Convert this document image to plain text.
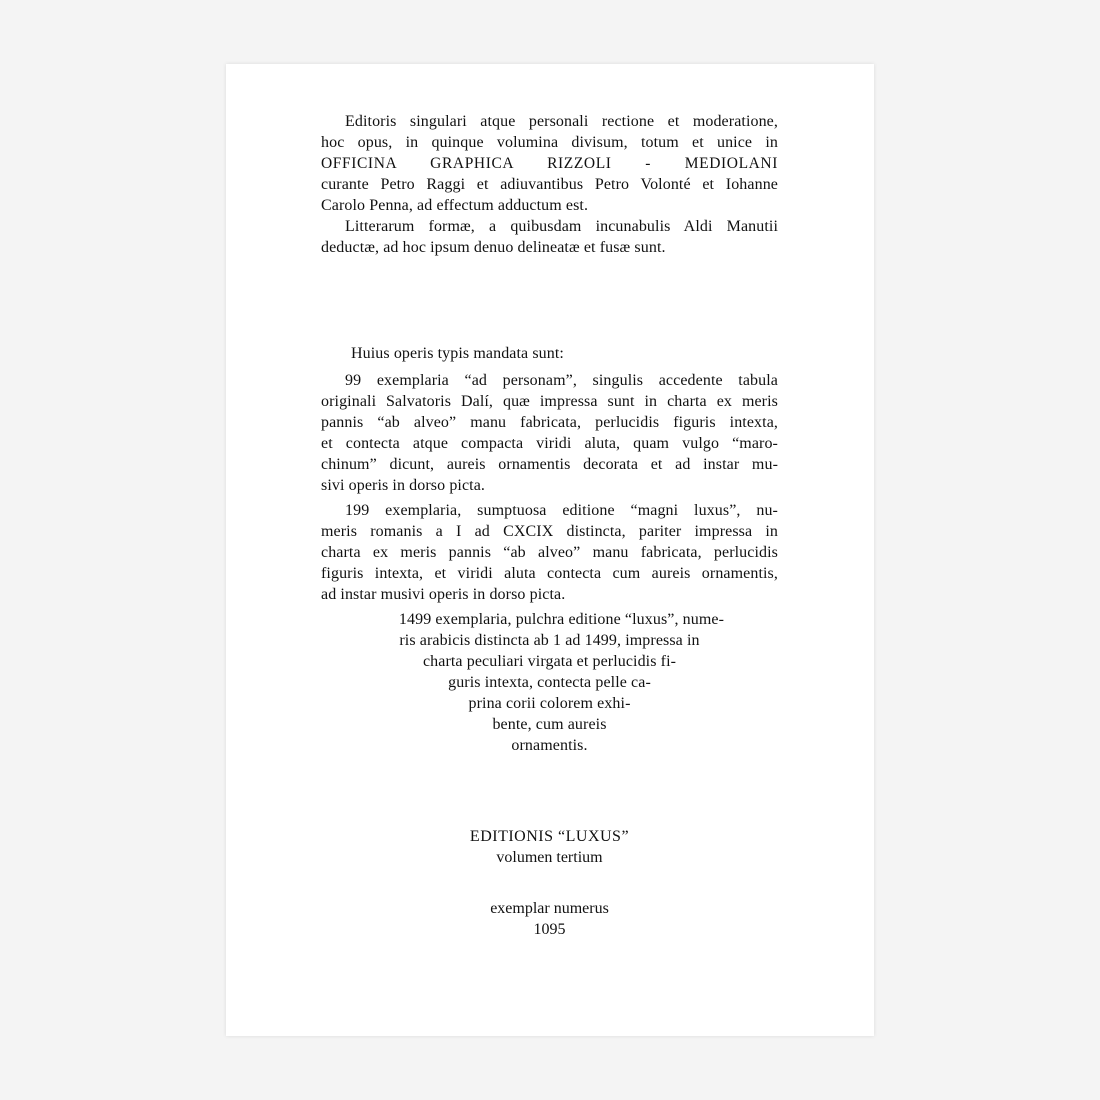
Editoris singulari atque personali rectione et moderatione,
hoc opus, in quinque volumina divisum, totum et unice in
OFFICINA GRAPHICA RIZZOLI ‐ MEDIOLANI
curante Petro Raggi et adiuvantibus Petro Volonté et Iohanne
Carolo Penna, ad effectum adductum est.

Litterarum formæ, a quibusdam incunabulis Aldi Manutii
deductæ, ad hoc ipsum denuo delineatæ et fusæ sunt.

Huius operis typis mandata sunt:

99 exemplaria “ad personam”, singulis accedente tabula
originali Salvatoris Dalí, quæ impressa sunt in charta ex meris
pannis “ab alveo” manu fabricata, perlucidis figuris intexta,
et contecta atque compacta viridi aluta, quam vulgo “maro‐
chinum” dicunt, aureis ornamentis decorata et ad instar mu‐
sivi operis in dorso picta.

199 exemplaria, sumptuosa editione “magni luxus”, nu‐
meris romanis a I ad CXCIX distincta, pariter impressa in
charta ex meris pannis “ab alveo” manu fabricata, perlucidis
figuris intexta, et viridi aluta contecta cum aureis ornamentis,
ad instar musivi operis in dorso picta.

1499 exemplaria, pulchra editione “luxus”, nume‐
ris arabicis distincta ab 1 ad 1499, impressa in
charta peculiari virgata et perlucidis fi‐
guris intexta, contecta pelle ca‐
prina corii colorem exhi‐
bente, cum aureis
ornamentis.

EDITIONIS “LUXUS”
volumen tertium
exemplar numerus
1095
